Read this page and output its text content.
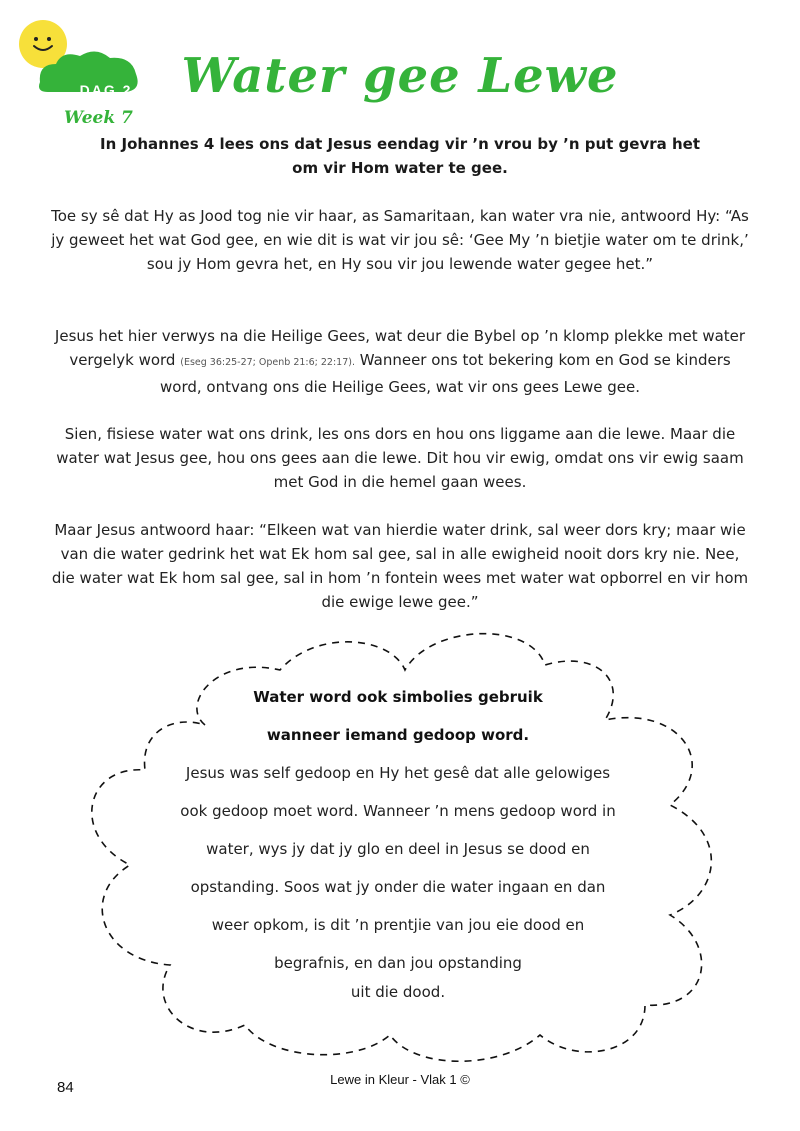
DAG 2
Week 7
Water gee Lewe
In Johannes 4 lees ons dat Jesus eendag vir ’n vrou by ’n put gevra het om vir Hom water te gee.
Toe sy sê dat Hy as Jood tog nie vir haar, as Samaritaan, kan water vra nie, antwoord Hy: “As jy geweet het wat God gee, en wie dit is wat vir jou sê: ‘Gee My ’n bietjie water om te drink,’ sou jy Hom gevra het, en Hy sou vir jou lewende water gegee het.”
Jesus het hier verwys na die Heilige Gees, wat deur die Bybel op ’n klomp plekke met water vergelyk word (Eseg 36:25-27; Openb 21:6; 22:17). Wanneer ons tot bekering kom en God se kinders word, ontvang ons die Heilige Gees, wat vir ons gees Lewe gee.
Sien, fisiese water wat ons drink, les ons dors en hou ons liggame aan die lewe. Maar die water wat Jesus gee, hou ons gees aan die lewe. Dit hou vir ewig, omdat ons vir ewig saam met God in die hemel gaan wees.
Maar Jesus antwoord haar: “Elkeen wat van hierdie water drink, sal weer dors kry; maar wie van die water gedrink het wat Ek hom sal gee, sal in alle ewigheid nooit dors kry nie. Nee, die water wat Ek hom sal gee, sal in hom ’n fontein wees met water wat opborrel en vir hom die ewige lewe gee.”
Water word ook simbolies gebruik
wanneer iemand gedoop word.
Jesus was self gedoop en Hy het gesê dat alle gelowiges
ook gedoop moet word. Wanneer ’n mens gedoop word in
water, wys jy dat jy glo en deel in Jesus se dood en
opstanding. Soos wat jy onder die water ingaan en dan
weer opkom, is dit ’n prentjie van jou eie dood en
begrafnis, en dan jou opstanding
uit die dood.
84	Lewe in Kleur - Vlak 1 ©
